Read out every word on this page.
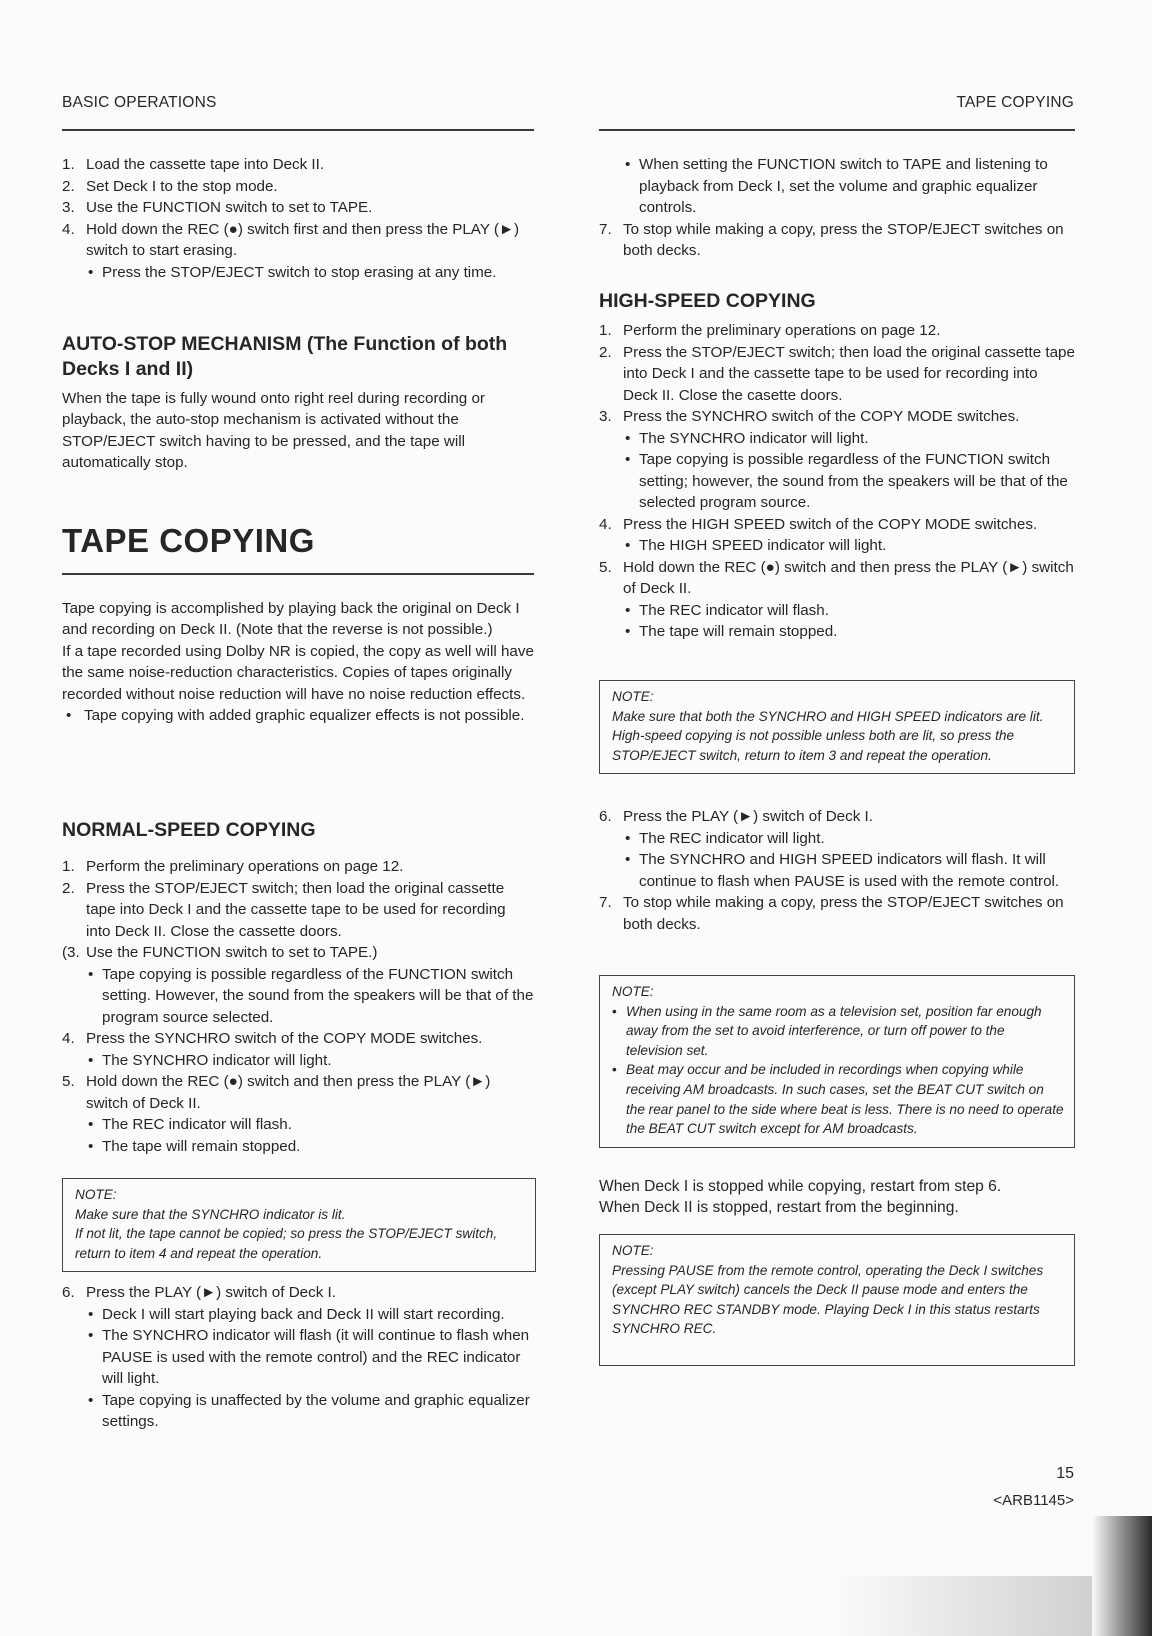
BASIC OPERATIONS	TAPE COPYING
1. Load the cassette tape into Deck II.
2. Set Deck I to the stop mode.
3. Use the FUNCTION switch to set to TAPE.
4. Hold down the REC (●) switch first and then press the PLAY (►) switch to start erasing.
• Press the STOP/EJECT switch to stop erasing at any time.
AUTO-STOP MECHANISM (The Function of both Decks I and II)

When the tape is fully wound onto right reel during recording or playback, the auto-stop mechanism is activated without the STOP/EJECT switch having to be pressed, and the tape will automatically stop.

TAPE COPYING

Tape copying is accomplished by playing back the original on Deck I and recording on Deck II. (Note that the reverse is not possible.)

If a tape recorded using Dolby NR is copied, the copy as well will have the same noise-reduction characteristics. Copies of tapes originally recorded without noise reduction will have no noise reduction effects.

• Tape copying with added graphic equalizer effects is not possible.
NORMAL-SPEED COPYING
1. Perform the preliminary operations on page 12.
2. Press the STOP/EJECT switch; then load the original cassette tape into Deck I and the cassette tape to be used for recording into Deck II. Close the cassette doors.
(3. Use the FUNCTION switch to set to TAPE.)
• Tape copying is possible regardless of the FUNCTION switch setting. However, the sound from the speakers will be that of the program source selected.
4. Press the SYNCHRO switch of the COPY MODE switches.
• The SYNCHRO indicator will light.
5. Hold down the REC (●) switch and then press the PLAY (►) switch of Deck II.
• The REC indicator will flash.
• The tape will remain stopped.
NOTE:
Make sure that the SYNCHRO indicator is lit.
If not lit, the tape cannot be copied; so press the STOP/EJECT switch, return to item 4 and repeat the operation.
6. Press the PLAY (►) switch of Deck I.
• Deck I will start playing back and Deck II will start recording.
• The SYNCHRO indicator will flash (it will continue to flash when PAUSE is used with the remote control) and the REC indicator will light.
• Tape copying is unaffected by the volume and graphic equalizer settings.
• When setting the FUNCTION switch to TAPE and listening to playback from Deck I, set the volume and graphic equalizer controls.
7. To stop while making a copy, press the STOP/EJECT switches on both decks.
HIGH-SPEED COPYING
1. Perform the preliminary operations on page 12.
2. Press the STOP/EJECT switch; then load the original cassette tape into Deck I and the cassette tape to be used for recording into Deck II. Close the casette doors.
3. Press the SYNCHRO switch of the COPY MODE switches.
• The SYNCHRO indicator will light.
• Tape copying is possible regardless of the FUNCTION switch setting; however, the sound from the speakers will be that of the selected program source.
4. Press the HIGH SPEED switch of the COPY MODE switches.
• The HIGH SPEED indicator will light.
5. Hold down the REC (●) switch and then press the PLAY (►) switch of Deck II.
• The REC indicator will flash.
• The tape will remain stopped.
NOTE:
Make sure that both the SYNCHRO and HIGH SPEED indicators are lit. High-speed copying is not possible unless both are lit, so press the STOP/EJECT switch, return to item 3 and repeat the operation.
6. Press the PLAY (►) switch of Deck I.
• The REC indicator will light.
• The SYNCHRO and HIGH SPEED indicators will flash. It will continue to flash when PAUSE is used with the remote control.
7. To stop while making a copy, press the STOP/EJECT switches on both decks.
NOTE:
• When using in the same room as a television set, position far enough away from the set to avoid interference, or turn off power to the television set.
• Beat may occur and be included in recordings when copying while receiving AM broadcasts. In such cases, set the BEAT CUT switch on the rear panel to the side where beat is less. There is no need to operate the BEAT CUT switch except for AM broadcasts.

When Deck I is stopped while copying, restart from step 6.

When Deck II is stopped, restart from the beginning.

NOTE:
Pressing PAUSE from the remote control, operating the Deck I switches (except PLAY switch) cancels the Deck II pause mode and enters the SYNCHRO REC STANDBY mode. Playing Deck I in this status restarts SYNCHRO REC.
15
<ARB1145>
